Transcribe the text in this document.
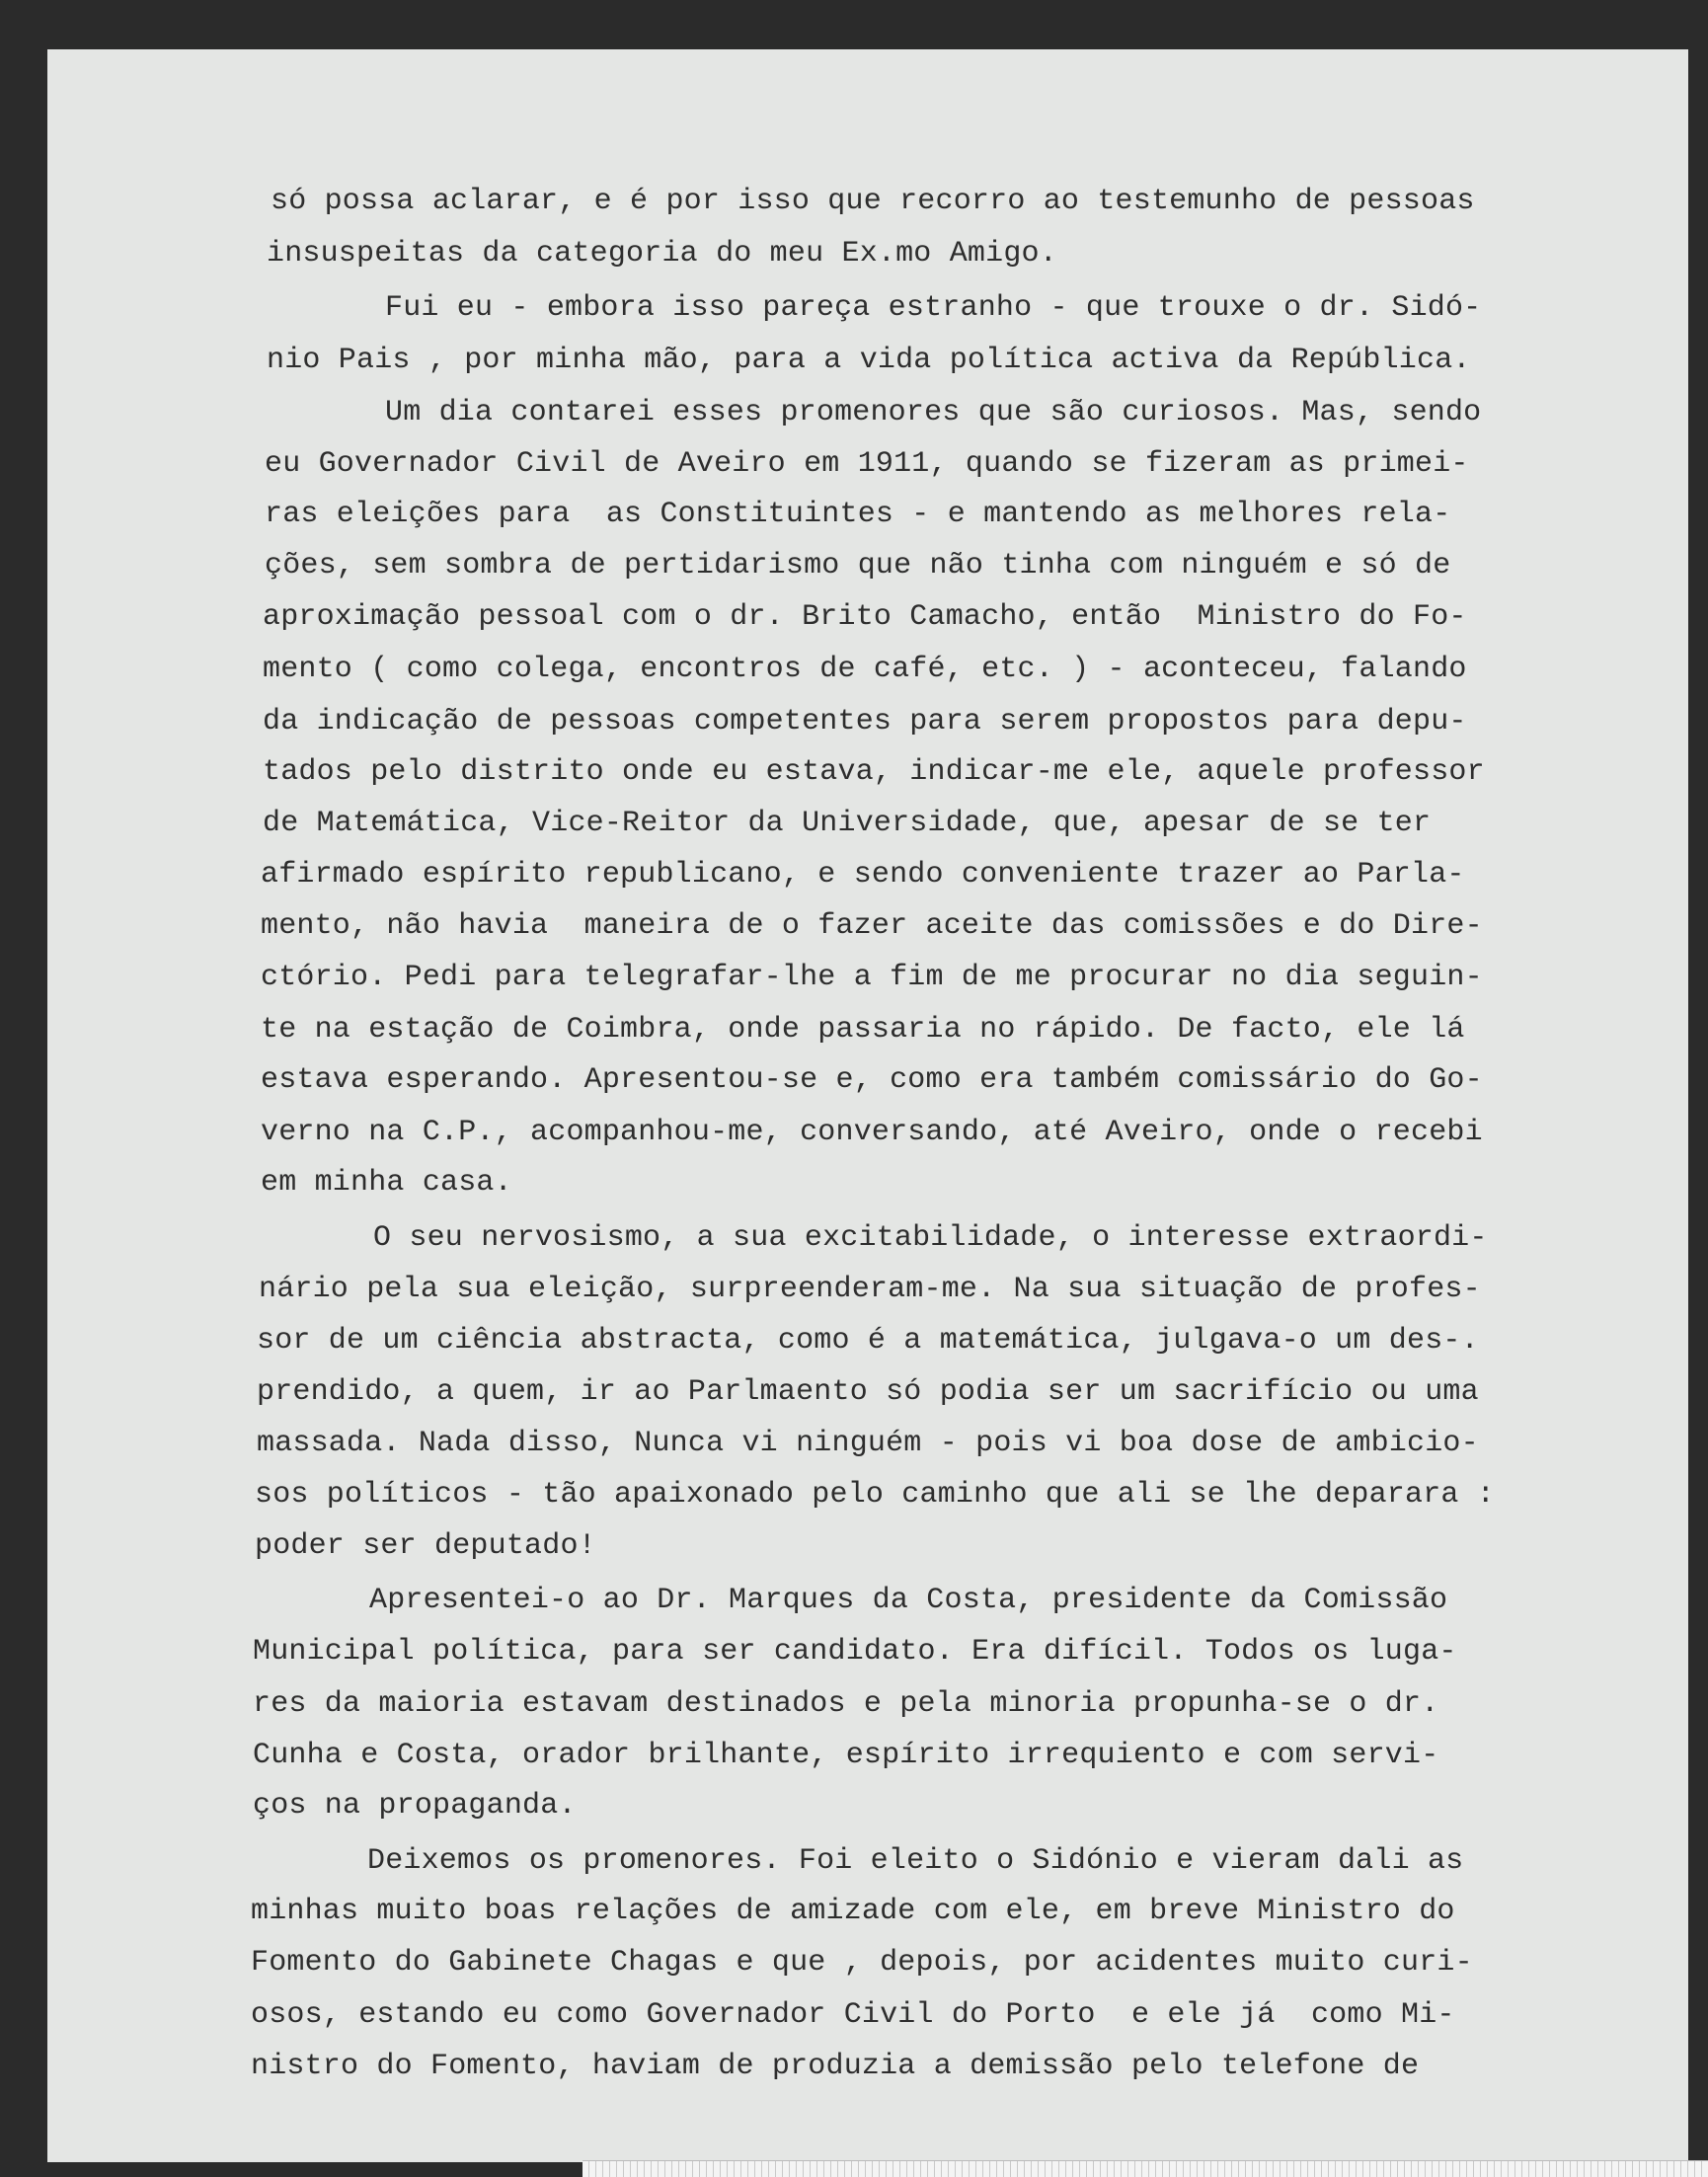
só possa aclarar, e é por isso que recorro ao testemunho de pessoas
insuspeitas da categoria do meu Ex.mo Amigo.
Fui eu - embora isso pareça estranho - que trouxe o dr. Sidó-
nio Pais , por minha mão, para a vida política activa da República.
Um dia contarei esses promenores que são curiosos. Mas, sendo
eu Governador Civil de Aveiro em 1911, quando se fizeram as primei-
ras eleições para  as Constituintes - e mantendo as melhores rela-
ções, sem sombra de pertidarismo que não tinha com ninguém e só de
aproximação pessoal com o dr. Brito Camacho, então  Ministro do Fo-
mento ( como colega, encontros de café, etc. ) - aconteceu, falando
da indicação de pessoas competentes para serem propostos para depu-
tados pelo distrito onde eu estava, indicar-me ele, aquele professor
de Matemática, Vice-Reitor da Universidade, que, apesar de se ter
afirmado espírito republicano, e sendo conveniente trazer ao Parla-
mento, não havia  maneira de o fazer aceite das comissões e do Dire-
ctório. Pedi para telegrafar-lhe a fim de me procurar no dia seguin-
te na estação de Coimbra, onde passaria no rápido. De facto, ele lá
estava esperando. Apresentou-se e, como era também comissário do Go-
verno na C.P., acompanhou-me, conversando, até Aveiro, onde o recebi
em minha casa.
O seu nervosismo, a sua excitabilidade, o interesse extraordi-
nário pela sua eleição, surpreenderam-me. Na sua situação de profes-
sor de um ciência abstracta, como é a matemática, julgava-o um des-.
prendido, a quem, ir ao Parlmaento só podia ser um sacrifício ou uma
massada. Nada disso, Nunca vi ninguém - pois vi boa dose de ambicio-
sos políticos - tão apaixonado pelo caminho que ali se lhe deparara :
poder ser deputado!
Apresentei-o ao Dr. Marques da Costa, presidente da Comissão
Municipal política, para ser candidato. Era difícil. Todos os luga-
res da maioria estavam destinados e pela minoria propunha-se o dr.
Cunha e Costa, orador brilhante, espírito irrequiento e com servi-
ços na propaganda.
Deixemos os promenores. Foi eleito o Sidónio e vieram dali as
minhas muito boas relações de amizade com ele, em breve Ministro do
Fomento do Gabinete Chagas e que , depois, por acidentes muito curi-
osos, estando eu como Governador Civil do Porto  e ele já  como Mi-
nistro do Fomento, haviam de produzia a demissão pelo telefone de
